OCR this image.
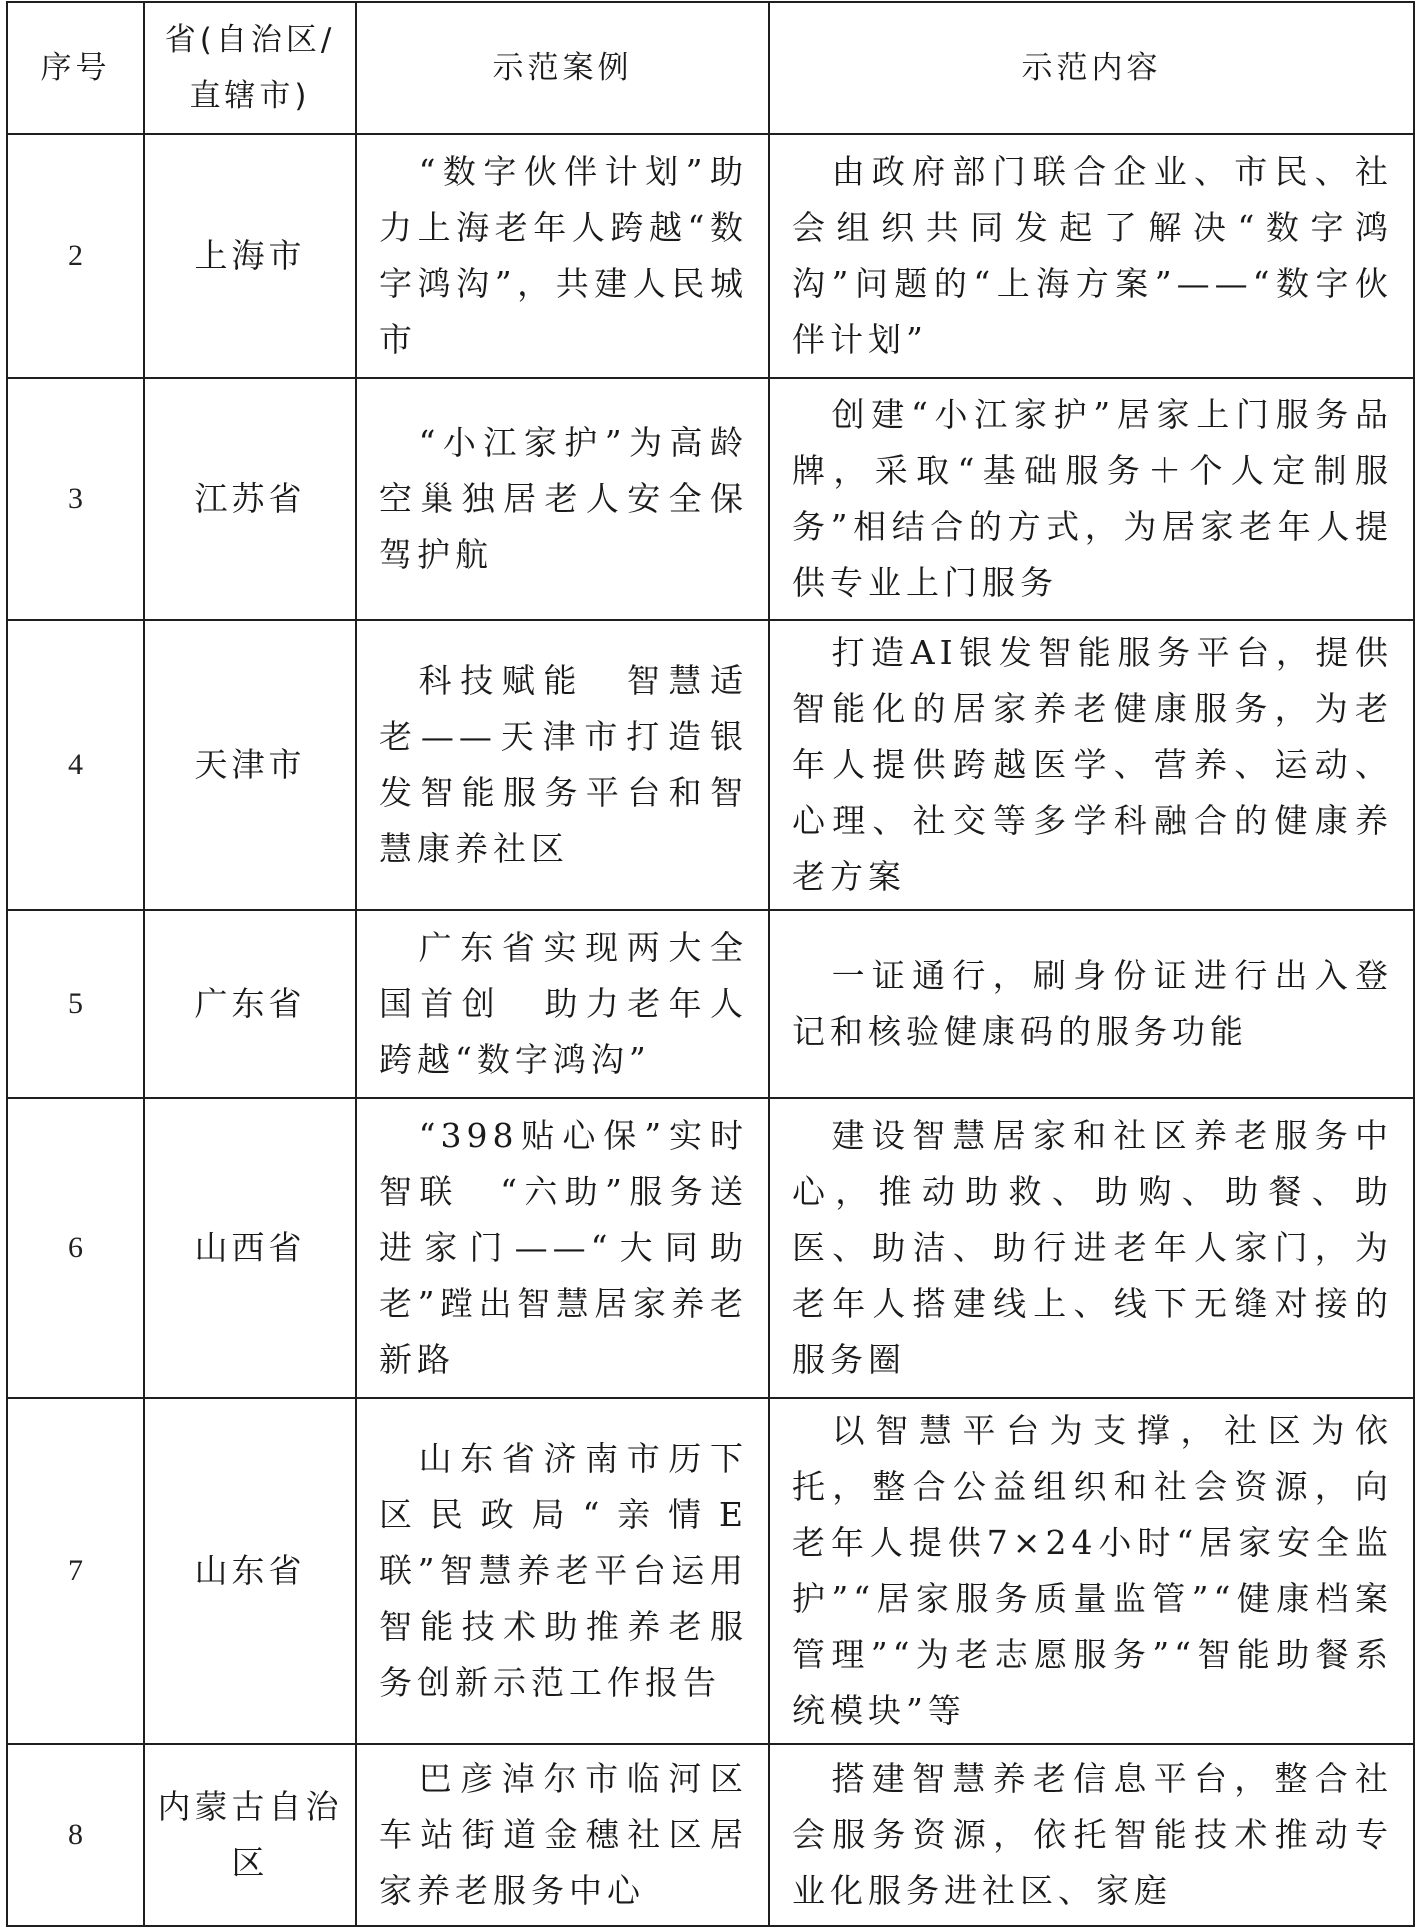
序号	省(自治区/直辖市)	示范案例	示范内容
2	上海市	“数字伙伴计划”助力上海老年人跨越“数字鸿沟”，共建人民城市	由政府部门联合企业、市民、社会组织共同发起了解决“数字鸿沟”问题的“上海方案”——“数字伙伴计划”

3	江苏省	“小江家护”为高龄空巢独居老人安全保驾护航	创建“小江家护”居家上门服务品牌，采取“基础服务＋个人定制服务”相结合的方式，为居家老年人提供专业上门服务

4	天津市	科技赋能　智慧适老——天津市打造银发智能服务平台和智慧康养社区	打造AI银发智能服务平台，提供智能化的居家养老健康服务，为老年人提供跨越医学、营养、运动、心理、社交等多学科融合的健康养老方案

5	广东省	广东省实现两大全国首创　助力老年人跨越“数字鸿沟”	一证通行，刷身份证进行出入登记和核验健康码的服务功能

6	山西省	“398贴心保”实时智联　“六助”服务送进家门——“大同助老”蹚出智慧居家养老新路	建设智慧居家和社区养老服务中心，推动助救、助购、助餐、助医、助洁、助行进老年人家门，为老年人搭建线上、线下无缝对接的服务圈

7	山东省	山东省济南市历下区民政局“亲情E联”智慧养老平台运用智能技术助推养老服务创新示范工作报告	以智慧平台为支撑，社区为依托，整合公益组织和社会资源，向老年人提供7×24小时“居家安全监护”“居家服务质量监管”“健康档案管理”“为老志愿服务”“智能助餐系统模块”等

8	内蒙古自治区	巴彦淖尔市临河区车站街道金穗社区居家养老服务中心	搭建智慧养老信息平台，整合社会服务资源，依托智能技术推动专业化服务进社区、家庭
